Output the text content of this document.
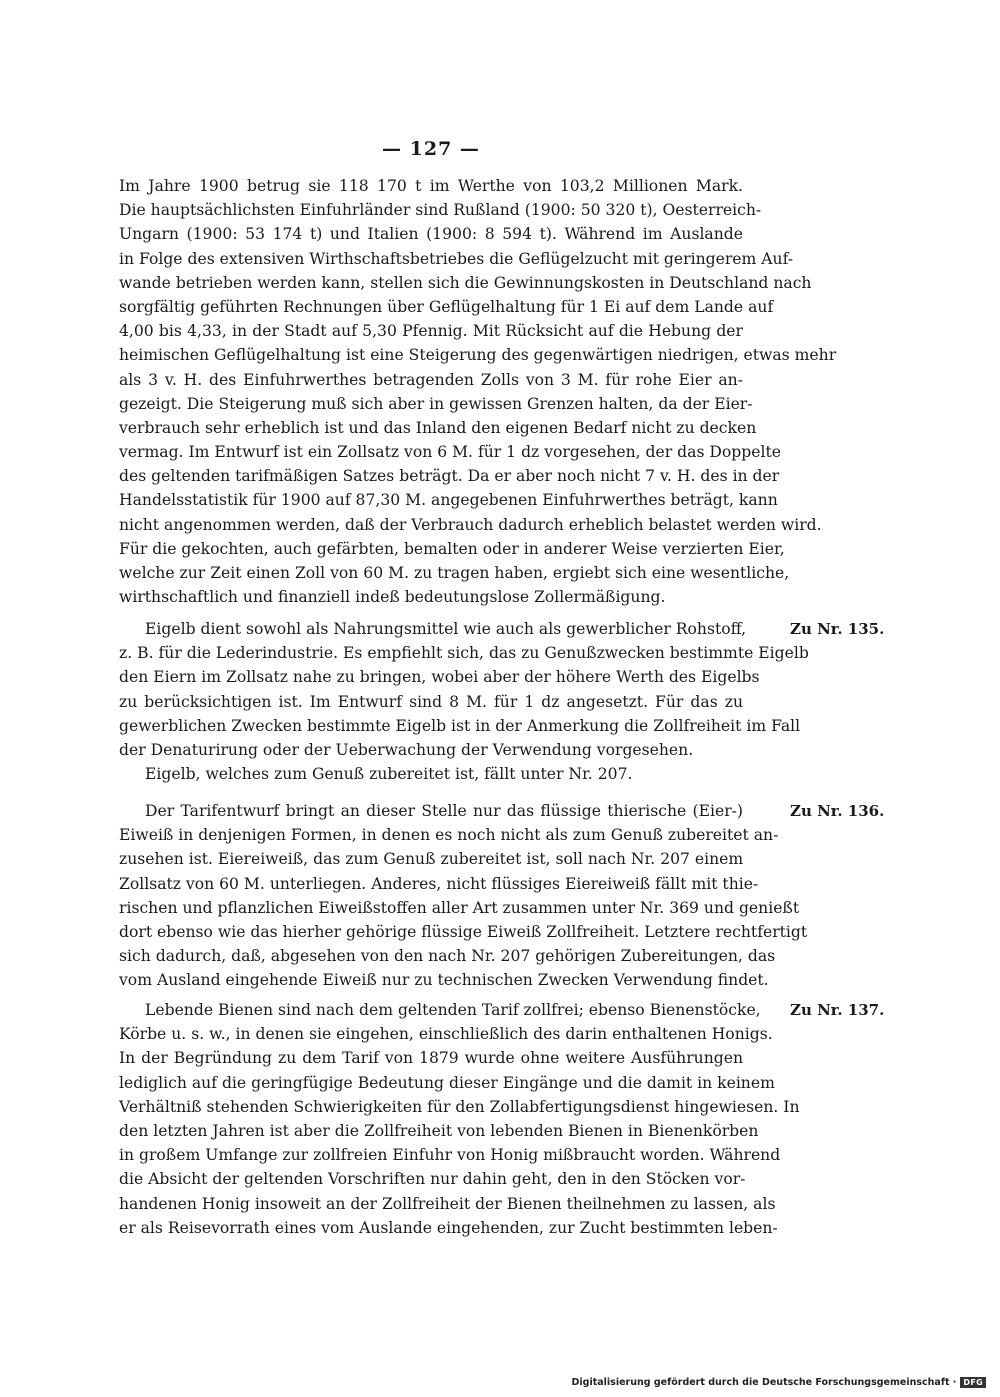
— 127 —
Im Jahre 1900 betrug sie 118 170 t im Werthe von 103,2 Millionen Mark.
Die hauptsächlichsten Einfuhrländer sind Rußland (1900: 50 320 t), Oesterreich-
Ungarn (1900: 53 174 t) und Italien (1900: 8 594 t). Während im Auslande
in Folge des extensiven Wirthschaftsbetriebes die Geflügelzucht mit geringerem Auf-
wande betrieben werden kann, stellen sich die Gewinnungskosten in Deutschland nach
sorgfältig geführten Rechnungen über Geflügelhaltung für 1 Ei auf dem Lande auf
4,00 bis 4,33, in der Stadt auf 5,30 Pfennig. Mit Rücksicht auf die Hebung der
heimischen Geflügelhaltung ist eine Steigerung des gegenwärtigen niedrigen, etwas mehr
als 3 v. H. des Einfuhrwerthes betragenden Zolls von 3 M. für rohe Eier an-
gezeigt. Die Steigerung muß sich aber in gewissen Grenzen halten, da der Eier-
verbrauch sehr erheblich ist und das Inland den eigenen Bedarf nicht zu decken
vermag. Im Entwurf ist ein Zollsatz von 6 M. für 1 dz vorgesehen, der das Doppelte
des geltenden tarifmäßigen Satzes beträgt. Da er aber noch nicht 7 v. H. des in der
Handelsstatistik für 1900 auf 87,30 M. angegebenen Einfuhrwerthes beträgt, kann
nicht angenommen werden, daß der Verbrauch dadurch erheblich belastet werden wird.
Für die gekochten, auch gefärbten, bemalten oder in anderer Weise verzierten Eier,
welche zur Zeit einen Zoll von 60 M. zu tragen haben, ergiebt sich eine wesentliche,
wirthschaftlich und finanziell indeß bedeutungslose Zollermäßigung.
Eigelb dient sowohl als Nahrungsmittel wie auch als gewerblicher Rohstoff,
z. B. für die Lederindustrie. Es empfiehlt sich, das zu Genußzwecken bestimmte Eigelb
den Eiern im Zollsatz nahe zu bringen, wobei aber der höhere Werth des Eigelbs
zu berücksichtigen ist. Im Entwurf sind 8 M. für 1 dz angesetzt. Für das zu
gewerblichen Zwecken bestimmte Eigelb ist in der Anmerkung die Zollfreiheit im Fall
der Denaturirung oder der Ueberwachung der Verwendung vorgesehen.
Eigelb, welches zum Genuß zubereitet ist, fällt unter Nr. 207.
Zu Nr. 135.
Der Tarifentwurf bringt an dieser Stelle nur das flüssige thierische (Eier-)
Eiweiß in denjenigen Formen, in denen es noch nicht als zum Genuß zubereitet an-
zusehen ist. Eiereiweiß, das zum Genuß zubereitet ist, soll nach Nr. 207 einem
Zollsatz von 60 M. unterliegen. Anderes, nicht flüssiges Eiereiweiß fällt mit thie-
rischen und pflanzlichen Eiweißstoffen aller Art zusammen unter Nr. 369 und genießt
dort ebenso wie das hierher gehörige flüssige Eiweiß Zollfreiheit. Letztere rechtfertigt
sich dadurch, daß, abgesehen von den nach Nr. 207 gehörigen Zubereitungen, das
vom Ausland eingehende Eiweiß nur zu technischen Zwecken Verwendung findet.
Zu Nr. 136.
Lebende Bienen sind nach dem geltenden Tarif zollfrei; ebenso Bienenstöcke,
Körbe u. s. w., in denen sie eingehen, einschließlich des darin enthaltenen Honigs.
In der Begründung zu dem Tarif von 1879 wurde ohne weitere Ausführungen
lediglich auf die geringfügige Bedeutung dieser Eingänge und die damit in keinem
Verhältniß stehenden Schwierigkeiten für den Zollabfertigungsdienst hingewiesen. In
den letzten Jahren ist aber die Zollfreiheit von lebenden Bienen in Bienenkörben
in großem Umfange zur zollfreien Einfuhr von Honig mißbraucht worden. Während
die Absicht der geltenden Vorschriften nur dahin geht, den in den Stöcken vor-
handenen Honig insoweit an der Zollfreiheit der Bienen theilnehmen zu lassen, als
er als Reisevorrath eines vom Auslande eingehenden, zur Zucht bestimmten leben-
Zu Nr. 137.
Digitalisierung gefördert durch die Deutsche Forschungsgemeinschaft · DFG
